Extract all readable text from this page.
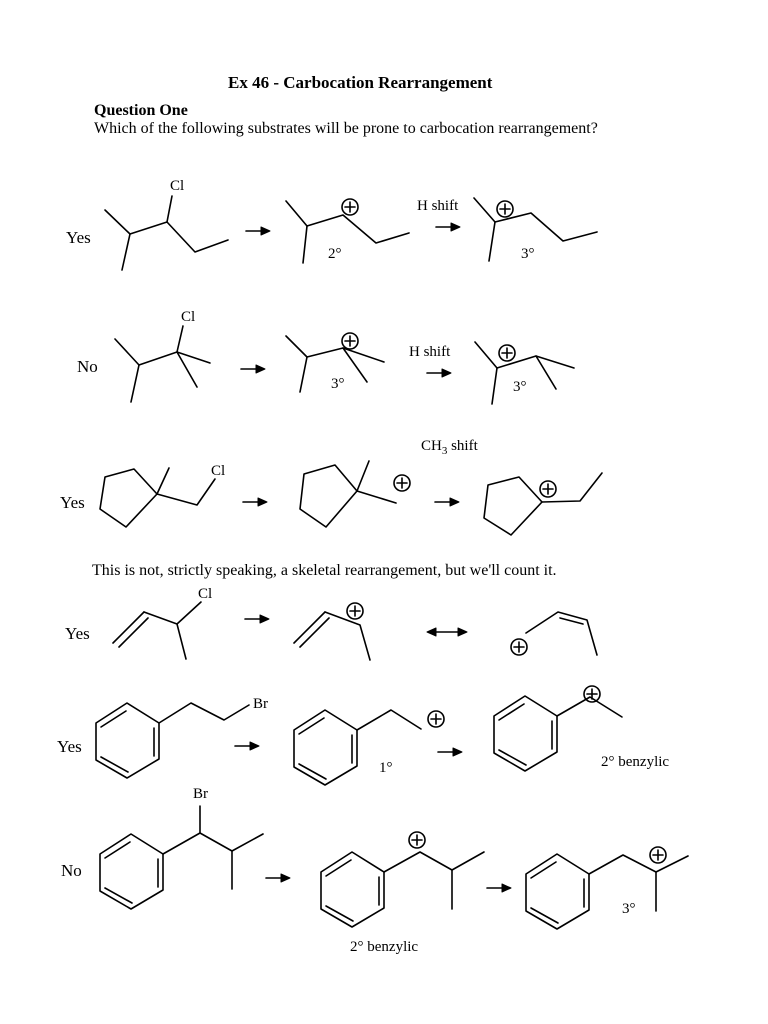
Ex 46 - Carbocation Rearrangement
Question One
Which of the following substrates will be prone to carbocation rearrangement?
Yes
No
Yes
Yes
Yes
No
Cl
Cl
Cl
Cl
Br
Br
H shift
H shift
$CH_3$ shift
This is not, strictly speaking, a skeletal rearrangement, but we'll count it.
2°	3°
3°	3°
1°	2° benzylic
2° benzylic
3°
